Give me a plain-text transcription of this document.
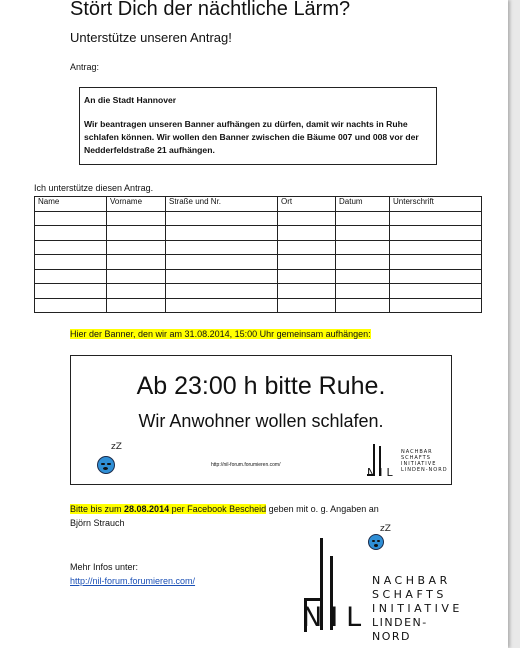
Stört Dich der nächtliche Lärm?
Unterstütze unseren Antrag!
Antrag:

An die Stadt Hannover

Wir beantragen unseren Banner aufhängen zu dürfen, damit wir nachts in Ruhe schlafen können. Wir wollen den Banner zwischen die Bäume 007 und 008 vor der Nedderfeldstraße 21 aufhängen.

Ich unterstütze diesen Antrag.
Name	Vorname	Straße und Nr.	Ort	Datum	Unterschrift

Hier der Banner, den wir am 31.08.2014, 15:00 Uhr gemeinsam aufhängen:
Ab 23:00 h bitte Ruhe.
Wir Anwohner wollen schlafen.
zZ
http://nil-forum.forumieren.com/
NIL
NACHBAR
SCHAFTS
INITIATIVE
LINDEN-NORD
Bitte bis zum 28.08.2014 per Facebook Bescheid geben mit o. g. Angaben an
Björn Strauch
Mehr Infos unter:
http://nil-forum.forumieren.com/
NIL
NACHBAR
SCHAFTS
INITIATIVE
LINDEN-NORD
zZ
